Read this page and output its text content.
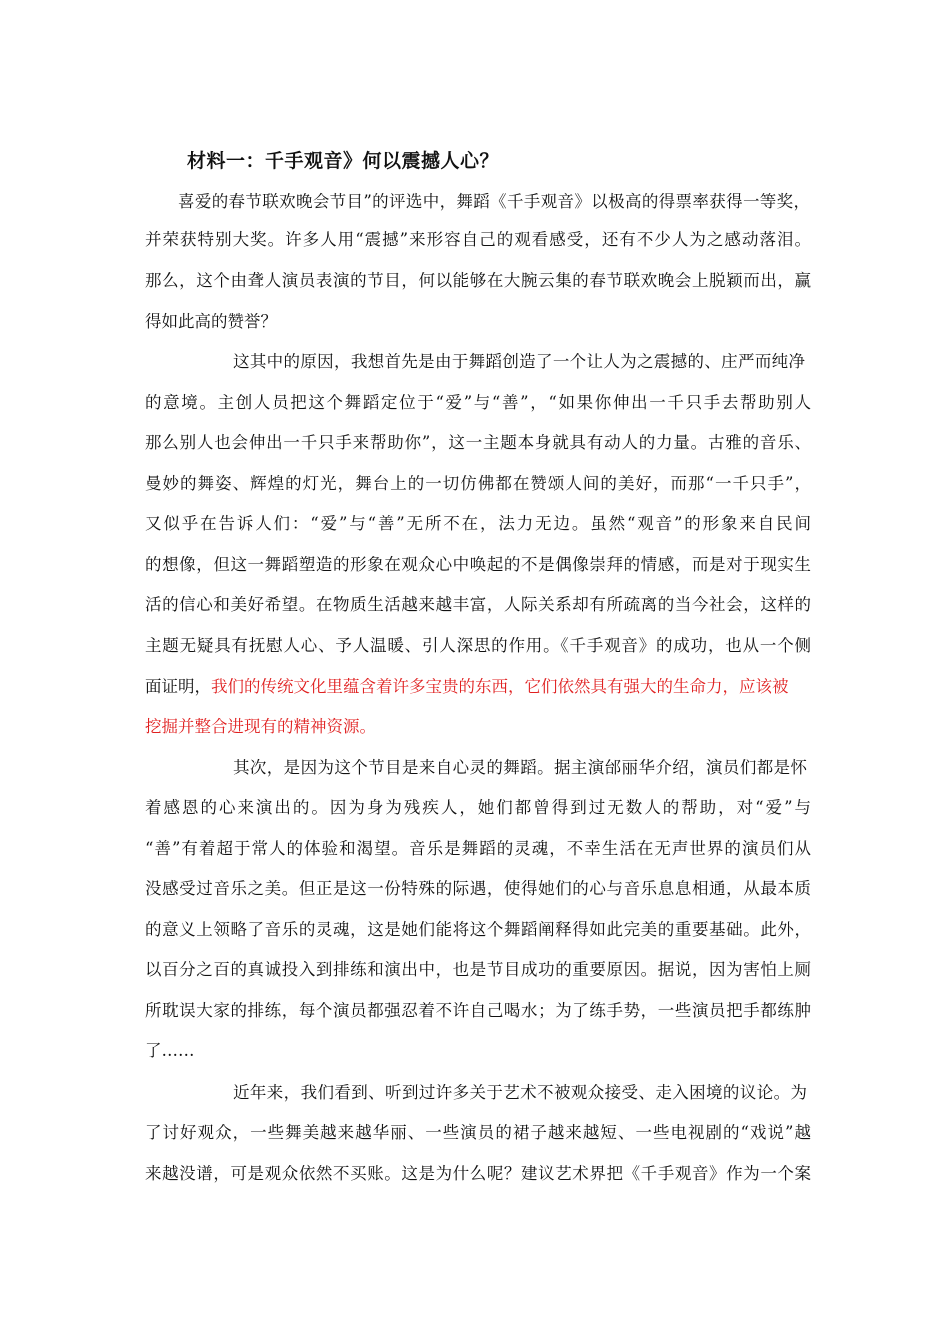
材料一：千手观音》何以震撼人心？
喜爱的春节联欢晚会节目”的评选中，舞蹈《千手观音》以极高的得票率获得一等奖，
并荣获特别大奖。许多人用“震撼”来形容自己的观看感受，还有不少人为之感动落泪。
那么，这个由聋人演员表演的节目，何以能够在大腕云集的春节联欢晚会上脱颖而出，赢
得如此高的赞誉？
这其中的原因，我想首先是由于舞蹈创造了一个让人为之震撼的、庄严而纯净
的意境。主创人员把这个舞蹈定位于“爱”与“善”，“如果你伸出一千只手去帮助别人
那么别人也会伸出一千只手来帮助你”，这一主题本身就具有动人的力量。古雅的音乐、
曼妙的舞姿、辉煌的灯光，舞台上的一切仿佛都在赞颂人间的美好，而那“一千只手”，
又似乎在告诉人们：“爱”与“善”无所不在，法力无边。虽然“观音”的形象来自民间
的想像，但这一舞蹈塑造的形象在观众心中唤起的不是偶像崇拜的情感，而是对于现实生
活的信心和美好希望。在物质生活越来越丰富，人际关系却有所疏离的当今社会，这样的
主题无疑具有抚慰人心、予人温暖、引人深思的作用。《千手观音》的成功，也从一个侧
面证明，我们的传统文化里蕴含着许多宝贵的东西，它们依然具有强大的生命力，应该被
挖掘并整合进现有的精神资源。
其次，是因为这个节目是来自心灵的舞蹈。据主演邰丽华介绍，演员们都是怀
着感恩的心来演出的。因为身为残疾人，她们都曾得到过无数人的帮助，对“爱”与
“善”有着超于常人的体验和渴望。音乐是舞蹈的灵魂，不幸生活在无声世界的演员们从
没感受过音乐之美。但正是这一份特殊的际遇，使得她们的心与音乐息息相通，从最本质
的意义上领略了音乐的灵魂，这是她们能将这个舞蹈阐释得如此完美的重要基础。此外，
以百分之百的真诚投入到排练和演出中，也是节目成功的重要原因。据说，因为害怕上厕
所耽误大家的排练，每个演员都强忍着不许自己喝水；为了练手势，一些演员把手都练肿
了……
近年来，我们看到、听到过许多关于艺术不被观众接受、走入困境的议论。为
了讨好观众，一些舞美越来越华丽、一些演员的裙子越来越短、一些电视剧的“戏说”越
来越没谱，可是观众依然不买账。这是为什么呢？建议艺术界把《千手观音》作为一个案
